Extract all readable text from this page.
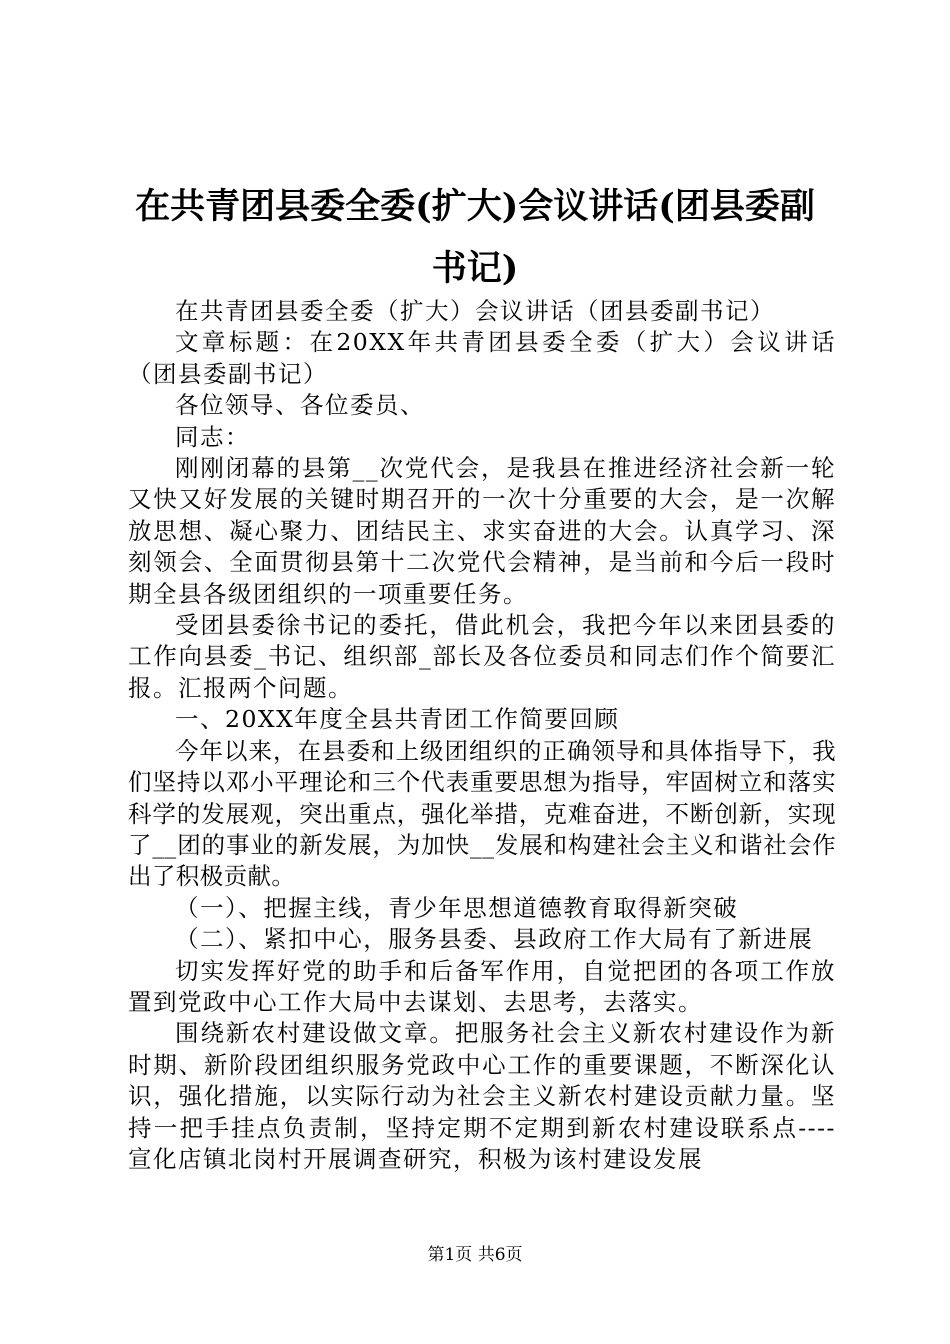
在共青团县委全委(扩大)会议讲话(团县委副书记)

在共青团县委全委（扩大）会议讲话（团县委副书记）

文章标题：在20XX年共青团县委全委（扩大）会议讲话（团县委副书记）

各位领导、各位委员、

同志：

刚刚闭幕的县第__次党代会，是我县在推进经济社会新一轮又快又好发展的关键时期召开的一次十分重要的大会，是一次解放思想、凝心聚力、团结民主、求实奋进的大会。认真学习、深刻领会、全面贯彻县第十二次党代会精神，是当前和今后一段时期全县各级团组织的一项重要任务。

受团县委徐书记的委托，借此机会，我把今年以来团县委的工作向县委_书记、组织部_部长及各位委员和同志们作个简要汇报。汇报两个问题。

一、20XX年度全县共青团工作简要回顾

今年以来，在县委和上级团组织的正确领导和具体指导下，我们坚持以邓小平理论和三个代表重要思想为指导，牢固树立和落实科学的发展观，突出重点，强化举措，克难奋进，不断创新，实现了__团的事业的新发展，为加快__发展和构建社会主义和谐社会作出了积极贡献。

（一）、把握主线，青少年思想道德教育取得新突破

（二）、紧扣中心，服务县委、县政府工作大局有了新进展

切实发挥好党的助手和后备军作用，自觉把团的各项工作放置到党政中心工作大局中去谋划、去思考，去落实。

围绕新农村建设做文章。把服务社会主义新农村建设作为新时期、新阶段团组织服务党政中心工作的重要课题，不断深化认识，强化措施，以实际行动为社会主义新农村建设贡献力量。坚持一把手挂点负责制，坚持定期不定期到新农村建设联系点----宣化店镇北岗村开展调查研究，积极为该村建设发展

第1页 共6页
